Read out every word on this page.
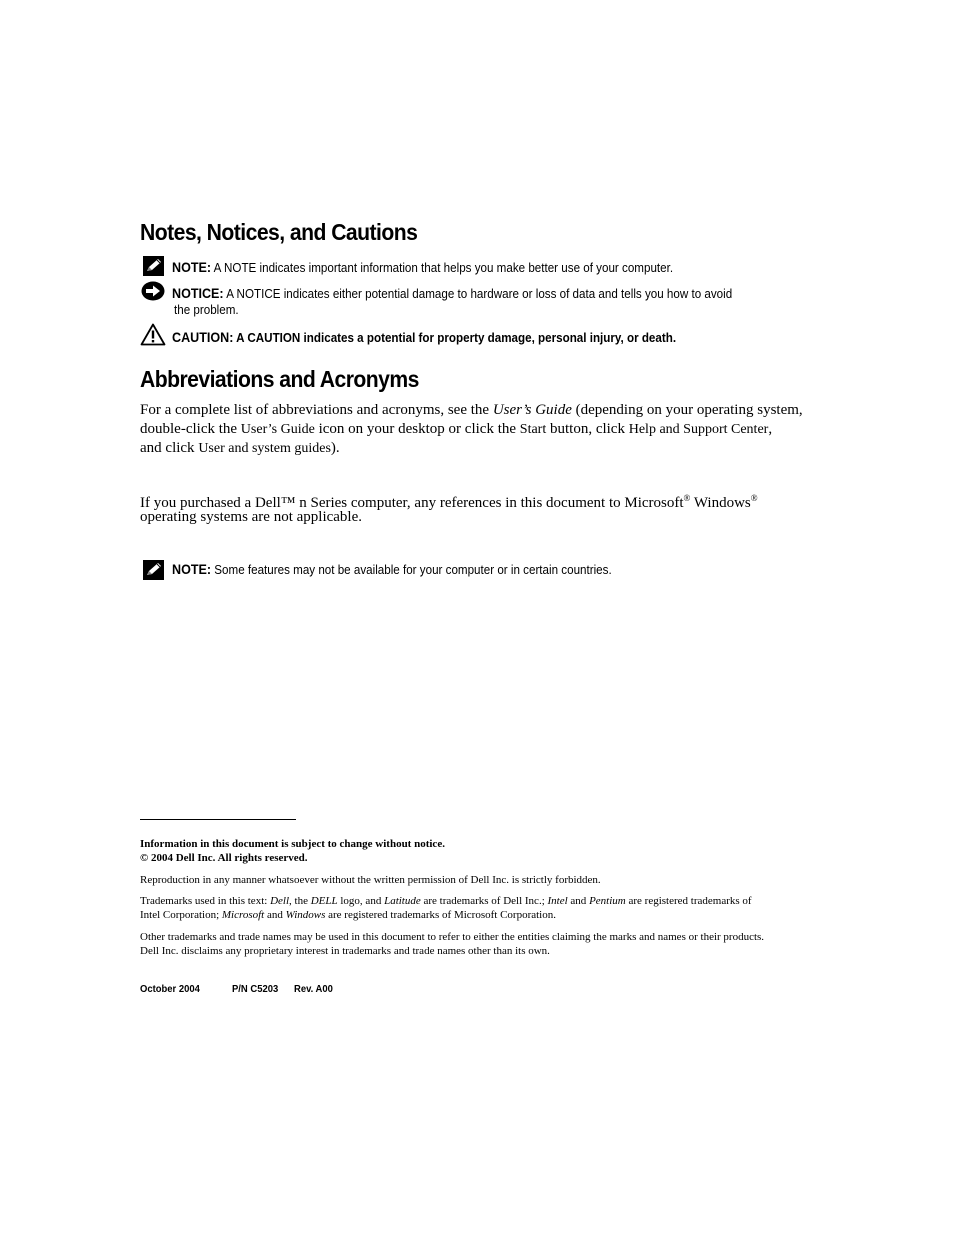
Notes, Notices, and Cautions
NOTE: A NOTE indicates important information that helps you make better use of your computer.
NOTICE: A NOTICE indicates either potential damage to hardware or loss of data and tells you how to avoid
the problem.
CAUTION: A CAUTION indicates a potential for property damage, personal injury, or death.
Abbreviations and Acronyms
For a complete list of abbreviations and acronyms, see the User’s Guide (depending on your operating system,
double-click the User’s Guide icon on your desktop or click the Start button, click Help and Support Center,
and click User and system guides).
If you purchased a Dell™ n Series computer, any references in this document to Microsoft® Windows®
operating systems are not applicable.
NOTE: Some features may not be available for your computer or in certain countries.
Information in this document is subject to change without notice.
© 2004 Dell Inc. All rights reserved.
Reproduction in any manner whatsoever without the written permission of Dell Inc. is strictly forbidden.
Trademarks used in this text: Dell, the DELL logo, and Latitude are trademarks of Dell Inc.; Intel and Pentium are registered trademarks of
Intel Corporation; Microsoft and Windows are registered trademarks of Microsoft Corporation.
Other trademarks and trade names may be used in this document to refer to either the entities claiming the marks and names or their products.
Dell Inc. disclaims any proprietary interest in trademarks and trade names other than its own.
October 2004	P/N C5203 Rev. A00
